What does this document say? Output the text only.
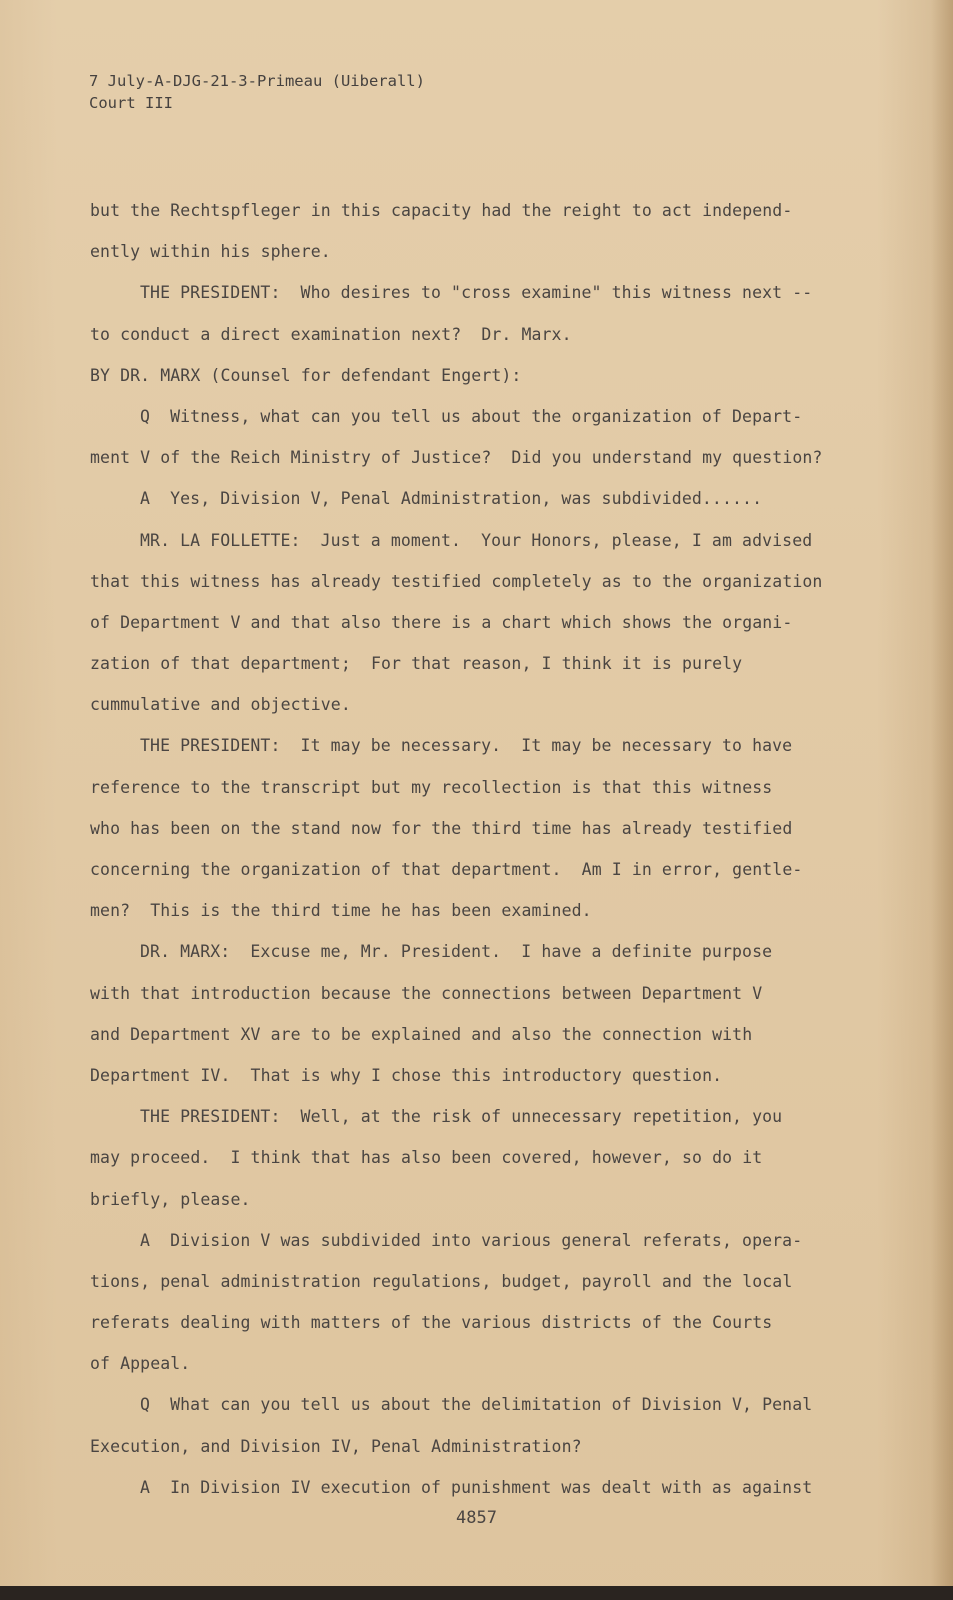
7 July-A-DJG-21-3-Primeau (Uiberall)
Court III
but the Rechtspfleger in this capacity had the reight to act independ-
ently within his sphere.
THE PRESIDENT:  Who desires to "cross examine" this witness next --
to conduct a direct examination next?  Dr. Marx.
BY DR. MARX (Counsel for defendant Engert):
Q  Witness, what can you tell us about the organization of Depart-
ment V of the Reich Ministry of Justice?  Did you understand my question?
A  Yes, Division V, Penal Administration, was subdivided......
MR. LA FOLLETTE:  Just a moment.  Your Honors, please, I am advised
that this witness has already testified completely as to the organization
of Department V and that also there is a chart which shows the organi-
zation of that department;  For that reason, I think it is purely
cummulative and objective.
THE PRESIDENT:  It may be necessary.  It may be necessary to have
reference to the transcript but my recollection is that this witness
who has been on the stand now for the third time has already testified
concerning the organization of that department.  Am I in error, gentle-
men?  This is the third time he has been examined.
DR. MARX:  Excuse me, Mr. President.  I have a definite purpose
with that introduction because the connections between Department V
and Department XV are to be explained and also the connection with
Department IV.  That is why I chose this introductory question.
THE PRESIDENT:  Well, at the risk of unnecessary repetition, you
may proceed.  I think that has also been covered, however, so do it
briefly, please.
A  Division V was subdivided into various general referats, opera-
tions, penal administration regulations, budget, payroll and the local
referats dealing with matters of the various districts of the Courts
of Appeal.
Q  What can you tell us about the delimitation of Division V, Penal
Execution, and Division IV, Penal Administration?
A  In Division IV execution of punishment was dealt with as against
4857
